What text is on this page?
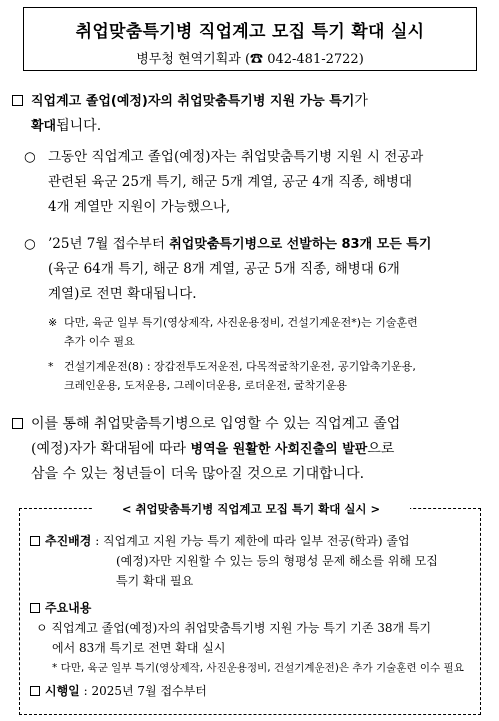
취업맞춤특기병 직업계고 모집 특기 확대 실시
병무청 현역기획과 (☎ 042-481-2722)
직업계고 졸업(예정)자의 취업맞춤특기병 지원 가능 특기가
확대됩니다.
○ 그동안 직업계고 졸업(예정)자는 취업맞춤특기병 지원 시 전공과
관련된 육군 25개 특기, 해군 5개 계열, 공군 4개 직종, 해병대
4개 계열만 지원이 가능했으나,
○ ’25년 7월 접수부터 취업맞춤특기병으로 선발하는 83개 모든 특기
(육군 64개 특기, 해군 8개 계열, 공군 5개 직종, 해병대 6개
계열)로 전면 확대됩니다.
※ 다만, 육군 일부 특기(영상제작, 사진운용정비, 건설기계운전*)는 기술훈련
추가 이수 필요
* 건설기계운전(8) : 장갑전투도저운전, 다목적굴착기운전, 공기압축기운용,
크레인운용, 도저운용, 그레이더운용, 로더운전, 굴착기운용
이를 통해 취업맞춤특기병으로 입영할 수 있는 직업계고 졸업
(예정)자가 확대됨에 따라 병역을 원활한 사회진출의 발판으로
삼을 수 있는 청년들이 더욱 많아질 것으로 기대합니다.
< 취업맞춤특기병 직업계고 모집 특기 확대 실시 >
추진배경 : 직업계고 지원 가능 특기 제한에 따라 일부 전공(학과) 졸업
(예정)자만 지원할 수 있는 등의 형평성 문제 해소를 위해 모집
특기 확대 필요
주요내용
ㅇ 직업계고 졸업(예정)자의 취업맞춤특기병 지원 가능 특기 기존 38개 특기
에서 83개 특기로 전면 확대 실시
* 다만, 육군 일부 특기(영상제작, 사진운용정비, 건설기계운전)은 추가 기술훈련 이수 필요
시행일 : 2025년 7월 접수부터
